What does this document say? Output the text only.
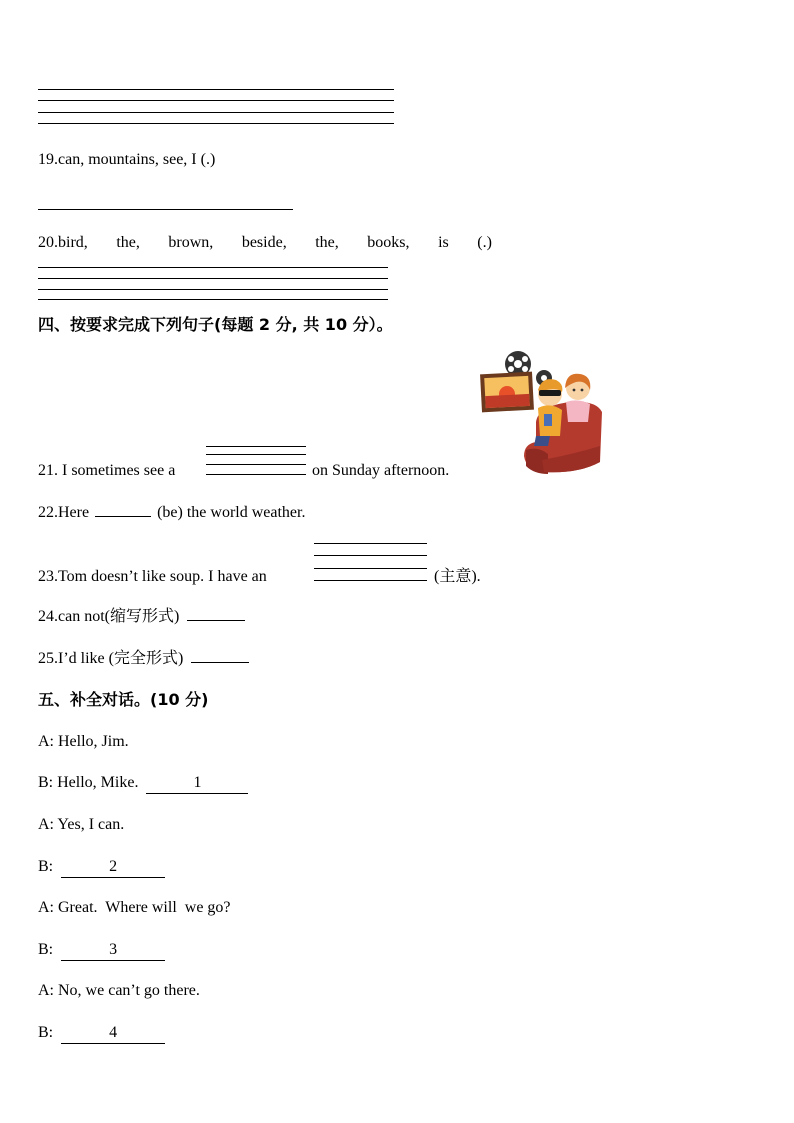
19.can, mountains, see, I (.)
20.bird, the, brown, beside, the, books, is (.)
四、按要求完成下列句子(每题 2 分, 共 10 分）。
21. I sometimes see a	on Sunday afternoon.
22.Here	(be) the world weather.
23.Tom doesn’t like soup. I have an	(主意).
24.can not(缩写形式)
25.I’d like (完全形式)
五、补全对话。(10 分)
A: Hello, Jim.
B: Hello, Mike.	1
A: Yes, I can.
B:	2
A: Great.  Where will  we go?
B:	3
A: No, we can’t go there.
B:	4
